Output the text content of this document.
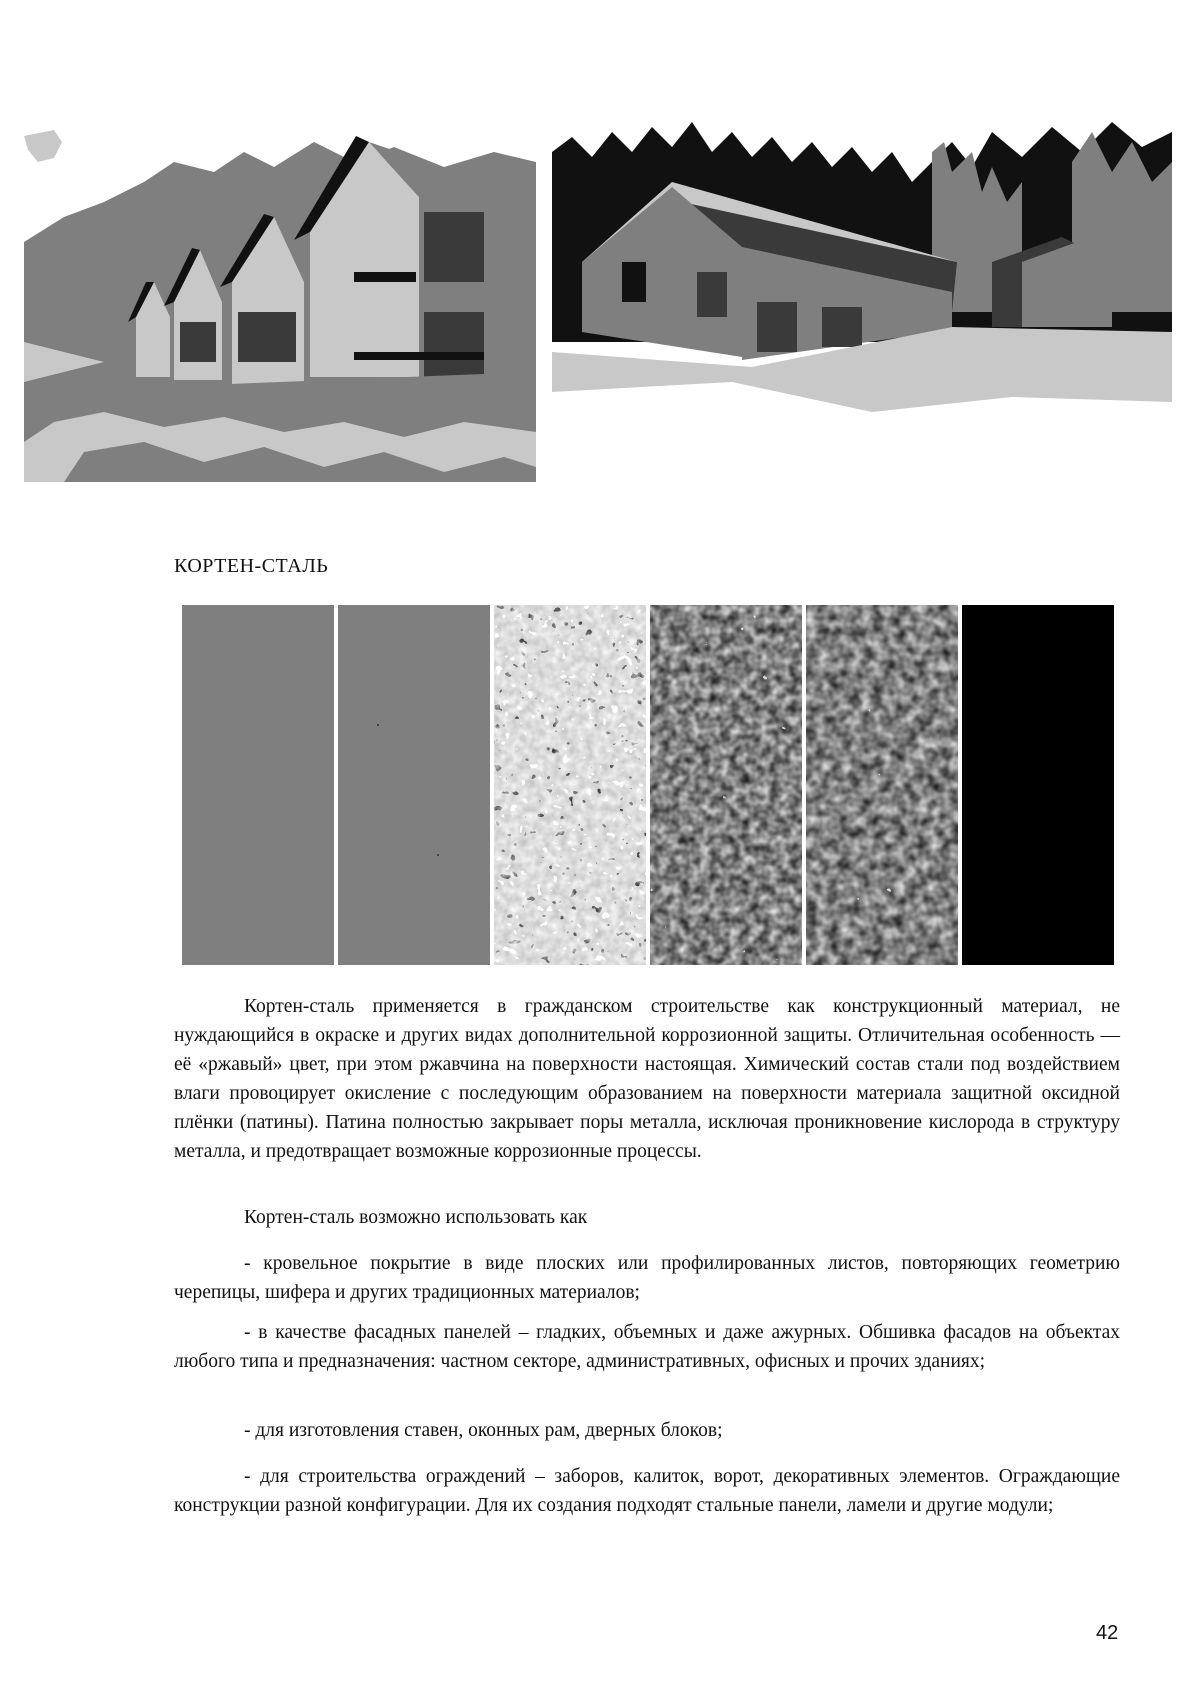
КОРТЕН-СТАЛЬ

Кортен-сталь применяется в гражданском строительстве как конструкционный материал, не нуждающийся в окраске и других видах дополнительной коррозионной защиты. Отличительная особенность — её «ржавый» цвет, при этом ржавчина на поверхности настоящая. Химический состав стали под воздействием влаги провоцирует окисление с последующим образованием на поверхности материала защитной оксидной плёнки (патины). Патина полностью закрывает поры металла, исключая проникновение кислорода в структуру металла, и предотвращает возможные коррозионные процессы.

Кортен-сталь возможно использовать как

- кровельное покрытие в виде плоских или профилированных листов, повторяющих геометрию черепицы, шифера и других традиционных материалов;

- в качестве фасадных панелей – гладких, объемных и даже ажурных. Обшивка фасадов на объектах любого типа и предназначения: частном секторе, административных, офисных и прочих зданиях;

- для изготовления ставен, оконных рам, дверных блоков;

- для строительства ограждений – заборов, калиток, ворот, декоративных элементов. Ограждающие конструкции разной конфигурации. Для их создания подходят стальные панели, ламели и другие модули;

42
